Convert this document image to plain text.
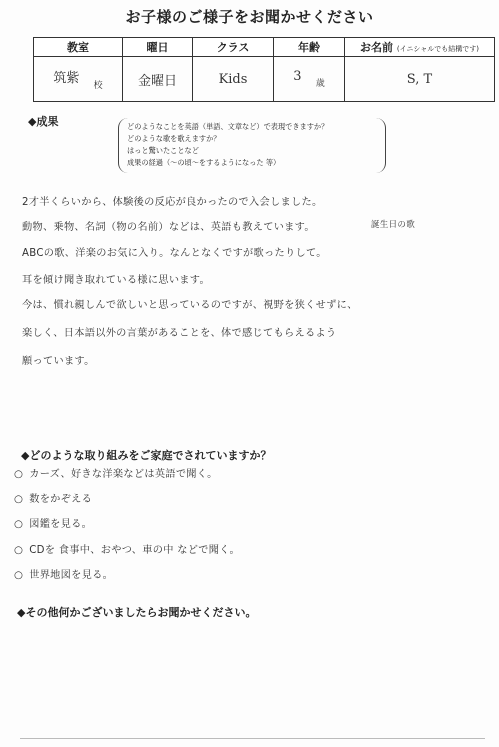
お子様のご様子をお聞かせください
教室	曜日	クラス	年齢	お名前 (イニシャルでも結構です)
筑紫 $_校$	金曜日	Kids	3 $_歳$	S, T
◆成果	どのようなことを英語（単語、文章など）で表現できますか？
どのような歌を歌えますか？
はっと驚いたことなど
成果の経過（～の頃～をするようになった 等）
2才半くらいから、体験後の反応が良かったので入会しました。
動物、乗物、名詞（物の名前）などは、英語も教えています。	誕生日の歌
ABCの歌、洋楽のお気に入り。なんとなくですが歌ったりして。
耳を傾け聞き取れている様に思います。
今は、慣れ親しんで欲しいと思っているのですが、視野を狭くせずに、
楽しく、日本語以外の言葉があることを、体で感じてもらえるよう
願っています。
◆どのような取り組みをご家庭でされていますか？
○ カーズ、好きな洋楽などは英語で聞く。
○ 数をかぞえる
○ 図鑑を見る。
○ CDを 食事中、おやつ、車の中 などで聞く。
○ 世界地図を見る。
◆その他何かございましたらお聞かせください。
